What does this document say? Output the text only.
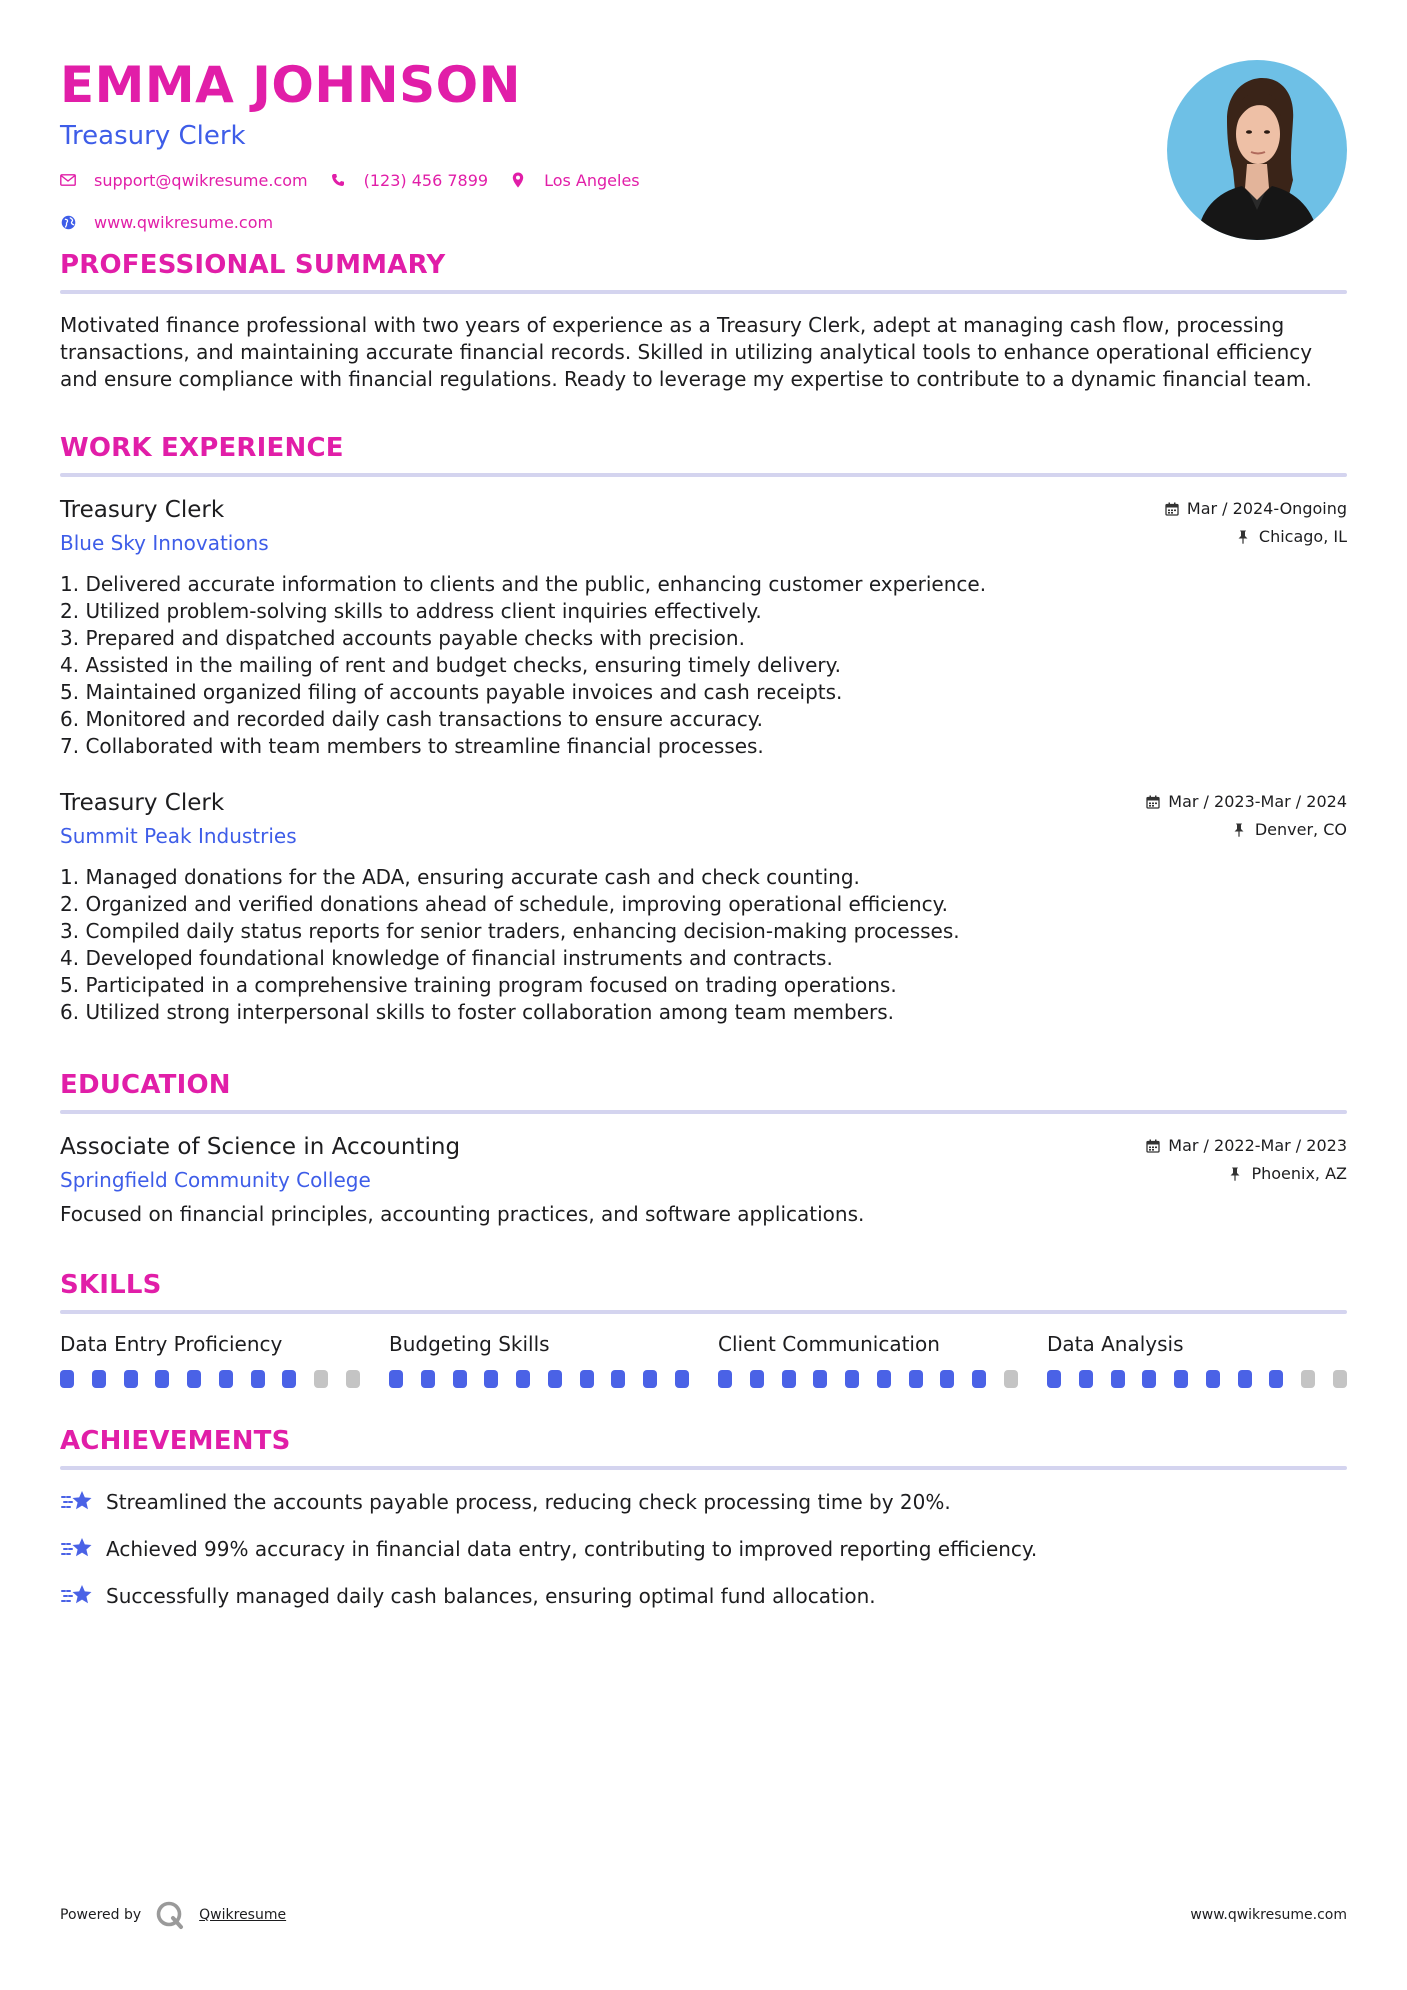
EMMA JOHNSON
Treasury Clerk
support@qwikresume.com	(123) 456 7899	Los Angeles
www.qwikresume.com
PROFESSIONAL SUMMARY
Motivated finance professional with two years of experience as a Treasury Clerk, adept at managing cash flow, processing transactions, and maintaining accurate financial records. Skilled in utilizing analytical tools to enhance operational efficiency and ensure compliance with financial regulations. Ready to leverage my expertise to contribute to a dynamic financial team.
WORK EXPERIENCE
Treasury Clerk
Blue Sky Innovations
Mar / 2024-Ongoing
Chicago, IL
1.
Delivered accurate information to clients and the public, enhancing customer experience.
2.
Utilized problem-solving skills to address client inquiries effectively.
3.
Prepared and dispatched accounts payable checks with precision.
4.
Assisted in the mailing of rent and budget checks, ensuring timely delivery.
5.
Maintained organized filing of accounts payable invoices and cash receipts.
6.
Monitored and recorded daily cash transactions to ensure accuracy.
7.
Collaborated with team members to streamline financial processes.
Treasury Clerk
Summit Peak Industries
Mar / 2023-Mar / 2024
Denver, CO
1.
Managed donations for the ADA, ensuring accurate cash and check counting.
2.
Organized and verified donations ahead of schedule, improving operational efficiency.
3.
Compiled daily status reports for senior traders, enhancing decision-making processes.
4.
Developed foundational knowledge of financial instruments and contracts.
5.
Participated in a comprehensive training program focused on trading operations.
6.
Utilized strong interpersonal skills to foster collaboration among team members.
EDUCATION
Associate of Science in Accounting
Springfield Community College
Mar / 2022-Mar / 2023
Phoenix, AZ
Focused on financial principles, accounting practices, and software applications.
SKILLS
Data Entry Proficiency	Budgeting Skills	Client Communication	Data Analysis
ACHIEVEMENTS
Streamlined the accounts payable process, reducing check processing time by 20%.
Achieved 99% accuracy in financial data entry, contributing to improved reporting efficiency.
Successfully managed daily cash balances, ensuring optimal fund allocation.
Powered by	Qwikresume	www.qwikresume.com
